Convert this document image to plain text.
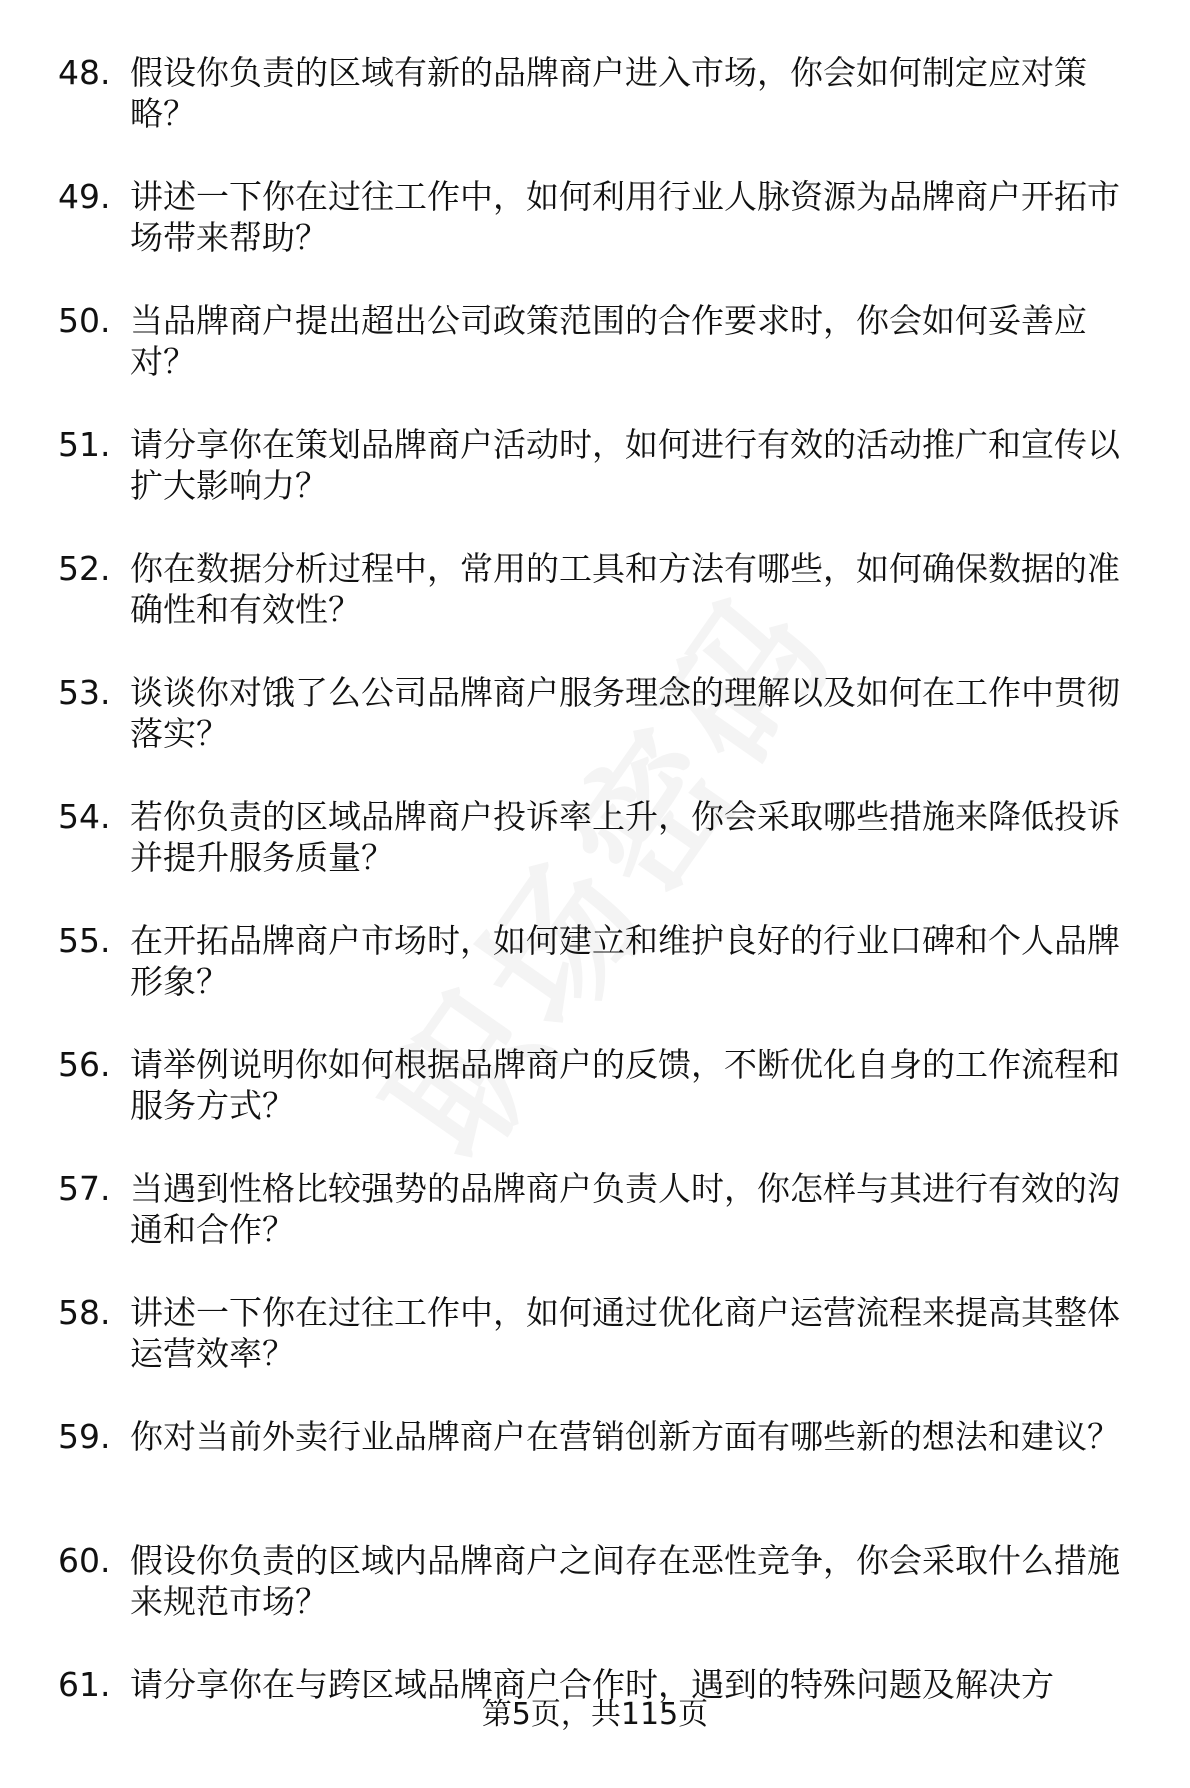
48. 假设你负责的区域有新的品牌商户进入市场，你会如何制定应对策略？
49. 讲述一下你在过往工作中，如何利用行业人脉资源为品牌商户开拓市场带来帮助？
50. 当品牌商户提出超出公司政策范围的合作要求时，你会如何妥善应对？
51. 请分享你在策划品牌商户活动时，如何进行有效的活动推广和宣传以扩大影响力？
52. 你在数据分析过程中，常用的工具和方法有哪些，如何确保数据的准确性和有效性？
53. 谈谈你对饿了么公司品牌商户服务理念的理解以及如何在工作中贯彻落实？
54. 若你负责的区域品牌商户投诉率上升，你会采取哪些措施来降低投诉并提升服务质量？
55. 在开拓品牌商户市场时，如何建立和维护良好的行业口碑和个人品牌形象？
56. 请举例说明你如何根据品牌商户的反馈，不断优化自身的工作流程和服务方式？
57. 当遇到性格比较强势的品牌商户负责人时，你怎样与其进行有效的沟通和合作？
58. 讲述一下你在过往工作中，如何通过优化商户运营流程来提高其整体运营效率？
59. 你对当前外卖行业品牌商户在营销创新方面有哪些新的想法和建议？
60. 假设你负责的区域内品牌商户之间存在恶性竞争，你会采取什么措施来规范市场？
61. 请分享你在与跨区域品牌商户合作时，遇到的特殊问题及解决方
第5页，共115页
